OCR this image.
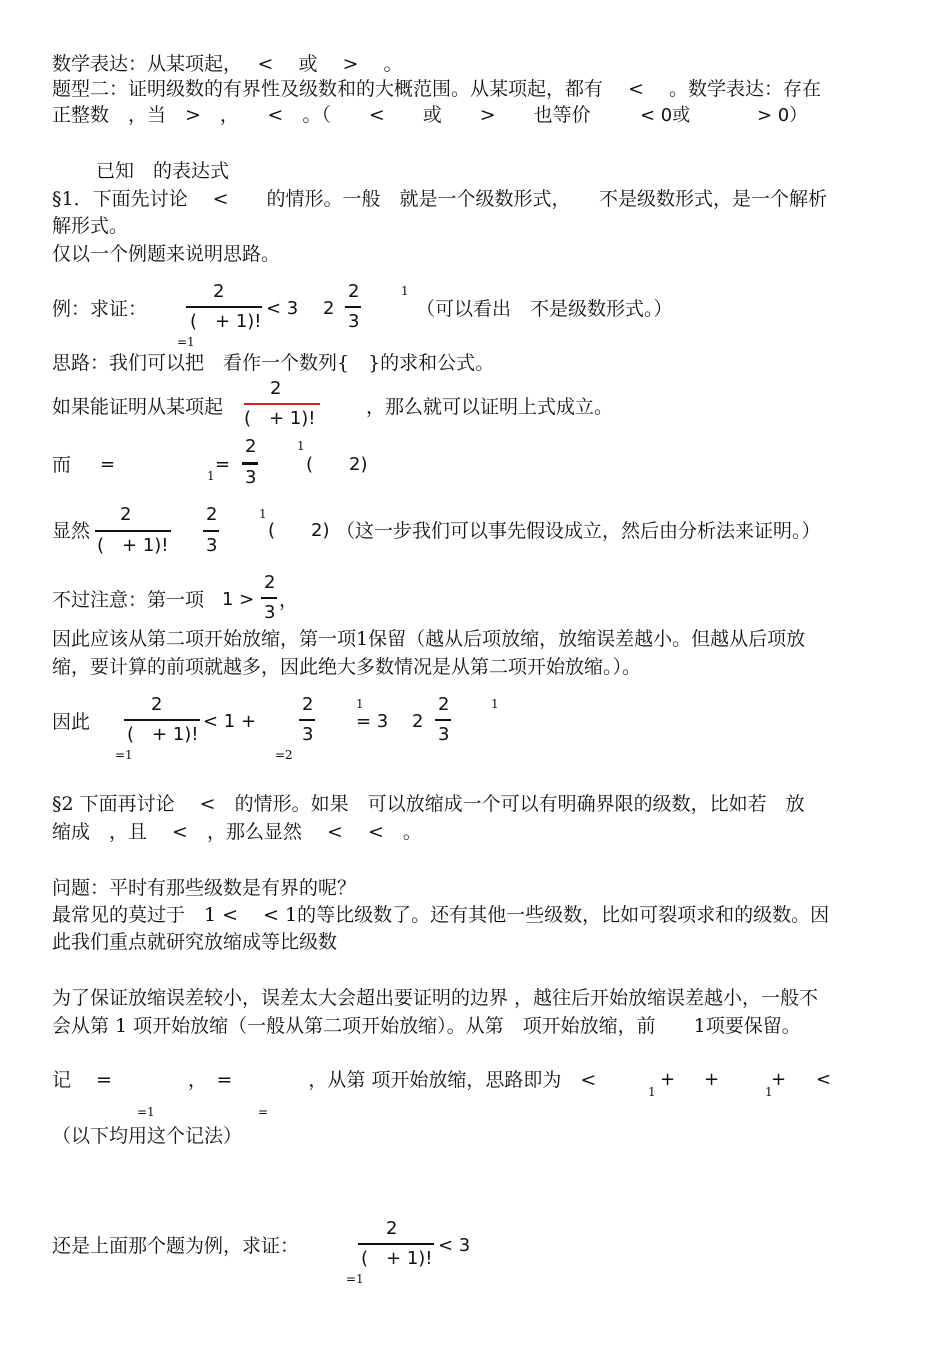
数学表达：从某项起，　 <　 或　 >　 。
题型二：证明级数的有界性及级数和的大概范围。从某项起，都有　 <　 。数学表达：存在
正整数　，当　>　，　　<　。（　　<　　或　　>　　也等价	< 0或	> 0）
已知　的表达式
§1．下面先讨论　 <　　的情形。一般　就是一个级数形式，　　不是级数形式，是一个解析
解形式。
仅以一个例题来说明思路。
例：求证：
2
(　+ 1)!
=1
< 3 2
2
3
1
（可以看出　不是级数形式。）
思路：我们可以把　看作一个数列{　}的求和公式。
如果能证明从某项起
2
(　+ 1)!
，那么就可以证明上式成立。
而 =
1
=
2
3
1
(　　2)
显然
2
(　+ 1)!
2
3
1
(　　2) （这一步我们可以事先假设成立，然后由分析法来证明。）
不过注意：第一项 1 >
2
3
，
因此应该从第二项开始放缩，第一项1保留（越从后项放缩，放缩误差越小。但越从后项放
缩，要计算的前项就越多，因此绝大多数情况是从第二项开始放缩。）。
因此
2
(　+ 1)!
=1
< 1 +
2
3
=2
1
= 3 2
2
3
1
§2 下面再讨论　 <　的情形。如果　可以放缩成一个可以有明确界限的级数，比如若　放
缩成　，且　 <　，那么显然　 <　 <　。
问题：平时有那些级数是有界的呢？
最常见的莫过于　1 <　 < 1的等比级数了。还有其他一些级数，比如可裂项求和的级数。因
此我们重点就研究放缩成等比级数
为了保证放缩误差较小，误差太大会超出要证明的边界 ，越往后开始放缩误差越小，一般不
会从第 1 项开始放缩（一般从第二项开始放缩）。从第　项开始放缩，前　　1项要保留。
记　 =　　　　，　=　　　　，从第 项开始放缩，思路即为　<
=1	=
1
+ +
1
+ <
（以下均用这个记法）
还是上面那个题为例，求证：
2
(　+ 1)!
=1
< 3
